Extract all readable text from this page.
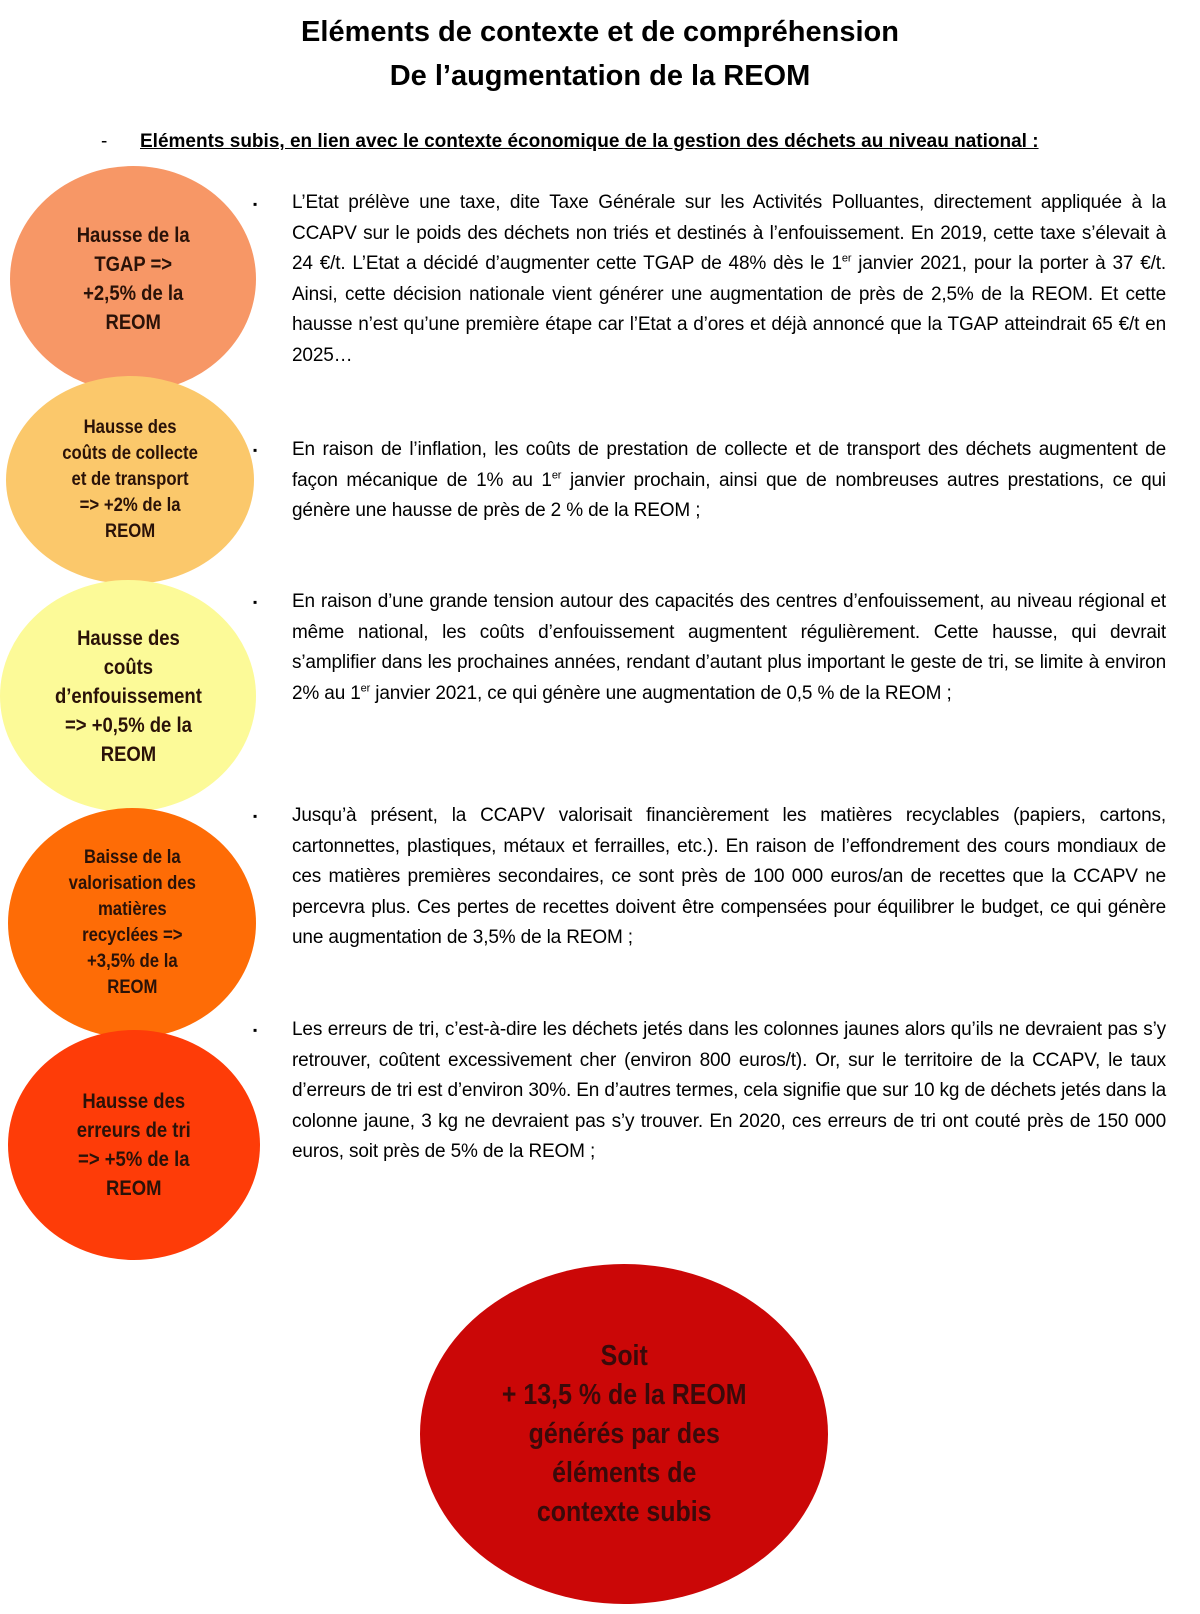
Eléments de contexte et de compréhension
De l’augmentation de la REOM
- Eléments subis, en lien avec le contexte économique de la gestion des déchets au niveau national :
Hausse de la
TGAP =>
+2,5% de la
REOM
Hausse des
coûts de collecte
et de transport
=> +2% de la
REOM
Hausse des
coûts
d’enfouissement
=> +0,5% de la
REOM
Baisse de la
valorisation des
matières
recyclées =>
+3,5% de la
REOM
Hausse des
erreurs de tri
=> +5% de la
REOM
Soit
+ 13,5 % de la REOM
générés par des
éléments de
contexte subis
▪
▪
▪
▪
▪

L’Etat prélève une taxe, dite Taxe Générale sur les Activités Polluantes, directement appliquée à la CCAPV sur le poids des déchets non triés et destinés à l’enfouissement. En 2019, cette taxe s’élevait à 24 €/t. L’Etat a décidé d’augmenter cette TGAP de 48% dès le 1er janvier 2021, pour la porter à 37 €/t. Ainsi, cette décision nationale vient générer une augmentation de près de 2,5% de la REOM. Et cette hausse n’est qu’une première étape car l’Etat a d’ores et déjà annoncé que la TGAP atteindrait 65 €/t en 2025…

En raison de l’inflation, les coûts de prestation de collecte et de transport des déchets augmentent de façon mécanique de 1% au 1er janvier prochain, ainsi que de nombreuses autres prestations, ce qui génère une hausse de près de 2 % de la REOM ;

En raison d’une grande tension autour des capacités des centres d’enfouissement, au niveau régional et même national, les coûts d’enfouissement augmentent régulièrement. Cette hausse, qui devrait s’amplifier dans les prochaines années, rendant d’autant plus important le geste de tri, se limite à environ 2% au 1er janvier 2021, ce qui génère une augmentation de 0,5 % de la REOM ;

Jusqu’à présent, la CCAPV valorisait financièrement les matières recyclables (papiers, cartons, cartonnettes, plastiques, métaux et ferrailles, etc.). En raison de l’effondrement des cours mondiaux de ces matières premières secondaires, ce sont près de 100 000 euros/an de recettes que la CCAPV ne percevra plus. Ces pertes de recettes doivent être compensées pour équilibrer le budget, ce qui génère une augmentation de 3,5% de la REOM ;

Les erreurs de tri, c’est-à-dire les déchets jetés dans les colonnes jaunes alors qu’ils ne devraient pas s’y retrouver, coûtent excessivement cher (environ 800 euros/t). Or, sur le territoire de la CCAPV, le taux d’erreurs de tri est d’environ 30%. En d’autres termes, cela signifie que sur 10 kg de déchets jetés dans la colonne jaune, 3 kg ne devraient pas s’y trouver. En 2020, ces erreurs de tri ont couté près de 150 000 euros, soit près de 5% de la REOM ;
